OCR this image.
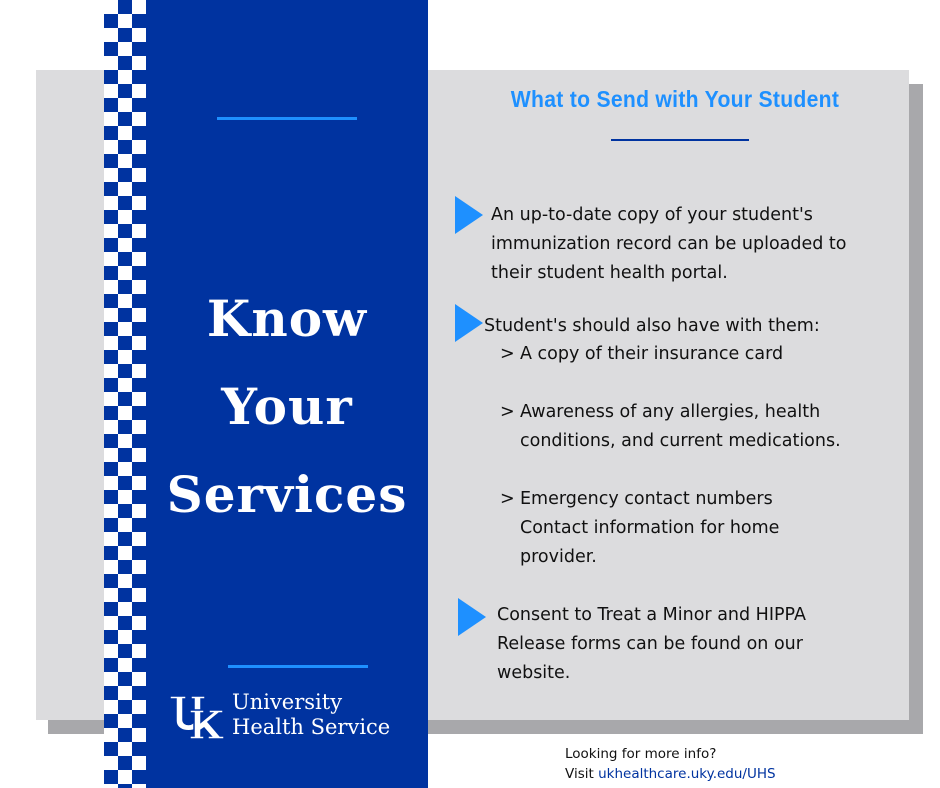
Know
Your
Services
University
Health Service
What to Send with Your Student
An up-to-date copy of your student's
immunization record can be uploaded to
their student health portal.
Student's should also have with them:
> A copy of their insurance card
> Awareness of any allergies, health
conditions, and current medications.
> Emergency contact numbers
Contact information for home
provider.
Consent to Treat a Minor and HIPPA
Release forms can be found on our
website.
Looking for more info?
Visit ukhealthcare.uky.edu/UHS
